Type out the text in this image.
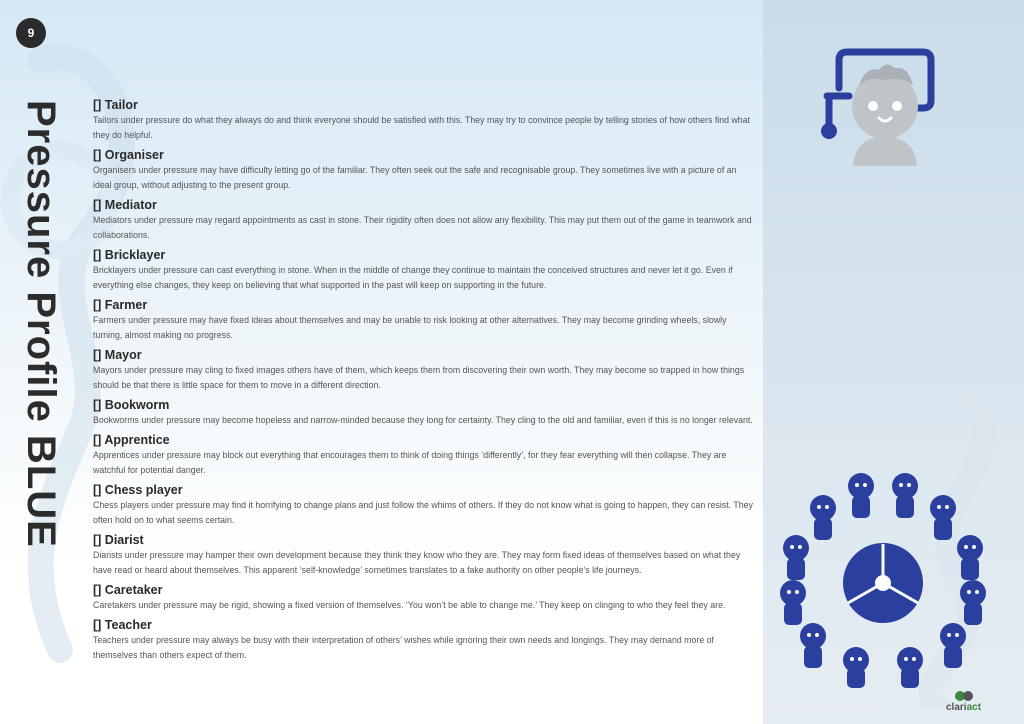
9
Pressure Profile BLUE [] Tailor
Tailors under pressure do what they always do and think everyone should be satisfied with this. They may try to convince people by telling stories of how others find what they do helpful.
[] Organiser
Organisers under pressure may have difficulty letting go of the familiar. They often seek out the safe and recognisable group. They sometimes live with a picture of an ideal group, without adjusting to the present group.
[] Mediator
Mediators under pressure may regard appointments as cast in stone. Their rigidity often does not allow any flexibility. This may put them out of the game in teamwork and collaborations.
[] Bricklayer
Bricklayers under pressure can cast everything in stone. When in the middle of change they continue to maintain the conceived structures and never let it go. Even if everything else changes, they keep on believing that what supported in the past will keep on supporting in the future.
[] Farmer
Farmers under pressure may have fixed ideas about themselves and may be unable to risk looking at other alternatives. They may become grinding wheels, slowly turning, almost making no progress.
[] Mayor
Mayors under pressure may cling to fixed images others have of them, which keeps them from discovering their own worth. They may become so trapped in how things should be that there is little space for them to move in a different direction.
[] Bookworm
Bookworms under pressure may become hopeless and narrow-minded because they long for certainty. They cling to the old and familiar, even if this is no longer relevant.
[] Apprentice
Apprentices under pressure may block out everything that encourages them to think of doing things ‘differently’, for they fear everything will then collapse. They are watchful for potential danger.
[] Chess player
Chess players under pressure may find it horrifying to change plans and just follow the whims of others. If they do not know what is going to happen, they can resist. They often hold on to what seems certain.
[] Diarist
Diarists under pressure may hamper their own development because they think they know who they are. They may form fixed ideas of themselves based on what they have read or heard about themselves. This apparent ‘self-knowledge’ sometimes translates to a fake authority on other people’s life journeys.
[] Caretaker
Caretakers under pressure may be rigid, showing a fixed version of themselves. ‘You won’t be able to change me.’ They keep on clinging to who they feel they are.
[] Teacher
Teachers under pressure may always be busy with their interpretation of others’ wishes while ignoring their own needs and longings. They may demand more of themselves than others expect of them.
clariact
